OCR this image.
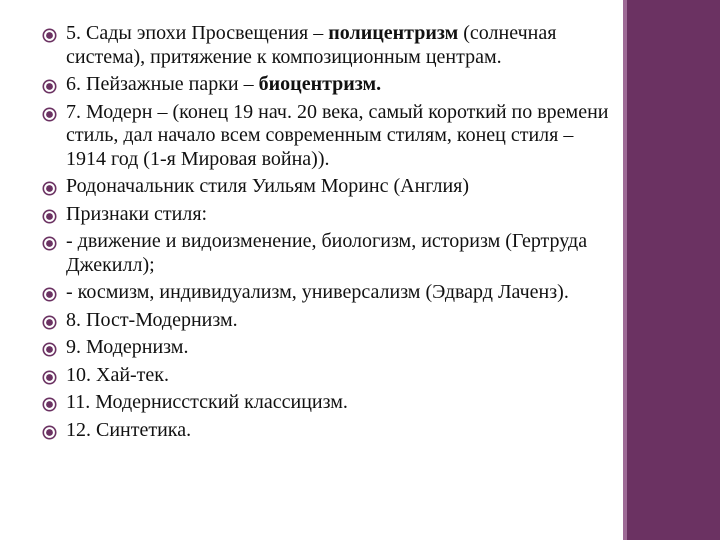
5. Сады эпохи Просвещения – полицентризм (солнечная система), притяжение к композиционным центрам.
6. Пейзажные парки – биоцентризм.
7. Модерн – (конец 19 нач. 20 века, самый короткий по времени стиль, дал начало всем современным стилям, конец стиля – 1914 год (1-я Мировая война)).
Родоначальник стиля Уильям Моринс (Англия)
Признаки стиля:
- движение и видоизменение, биологизм, историзм (Гертруда Джекилл);
- космизм, индивидуализм, универсализм (Эдвард Лаченз).
8. Пост-Модернизм.
9. Модернизм.
10. Хай-тек.
11. Модернисстский классицизм.
12. Синтетика.
